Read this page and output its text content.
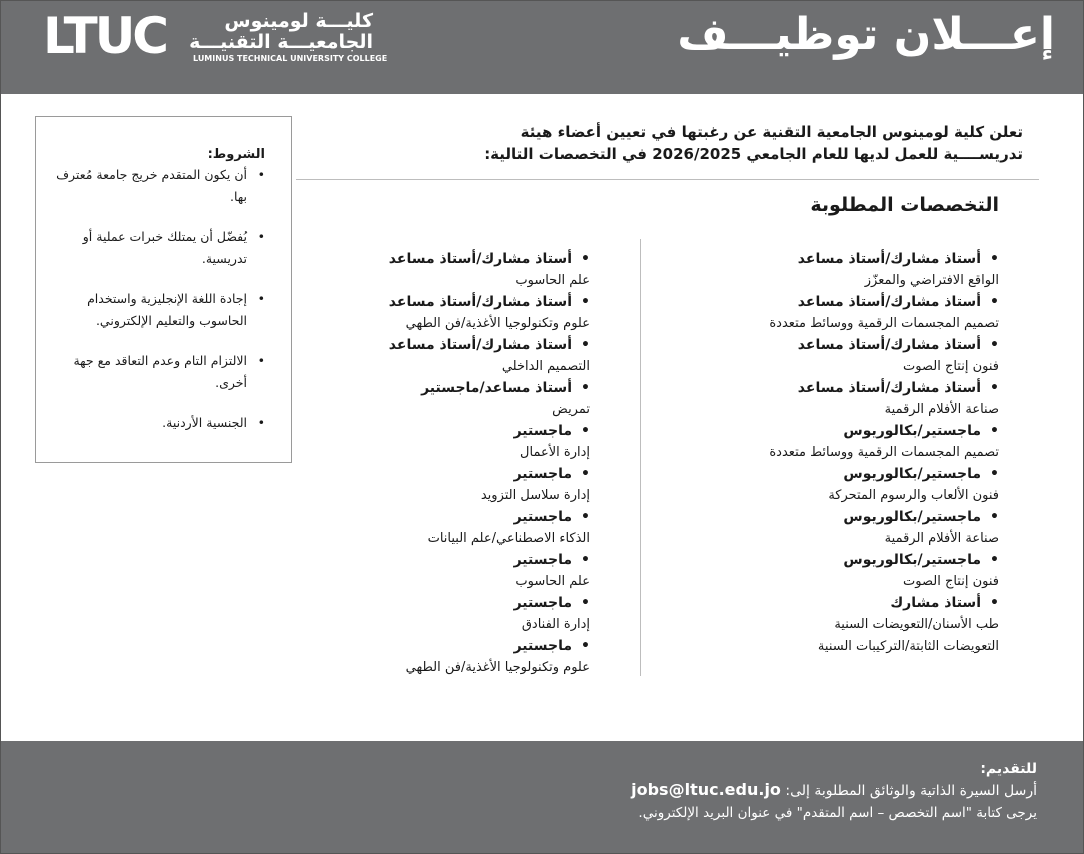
إعـــلان توظيـــف
LTUC	كليـــة لومينوس
الجامعيـــة التقنيـــة
LUMINUS TECHNICAL UNIVERSITY COLLEGE
تعلن كلية لومينوس الجامعية التقنية عن رغبتها في تعيين أعضاء هيئة
تدريســــية للعمل لديها للعام الجامعي 2026/2025 في التخصصات التالية:
التخصصات المطلوبة
•أستاذ مشارك/أستاذ مساعد
الواقع الافتراضي والمعزّز
•أستاذ مشارك/أستاذ مساعد
تصميم المجسمات الرقمية ووسائط متعددة
•أستاذ مشارك/أستاذ مساعد
فنون إنتاج الصوت
•أستاذ مشارك/أستاذ مساعد
صناعة الأفلام الرقمية
•ماجستير/بكالوريوس
تصميم المجسمات الرقمية ووسائط متعددة
•ماجستير/بكالوريوس
فنون الألعاب والرسوم المتحركة
•ماجستير/بكالوريوس
صناعة الأفلام الرقمية
•ماجستير/بكالوريوس
فنون إنتاج الصوت
•أستاذ مشارك
طب الأسنان/التعويضات السنية
التعويضات الثابتة/التركيبات السنية
•أستاذ مشارك/أستاذ مساعد
علم الحاسوب
•أستاذ مشارك/أستاذ مساعد
علوم وتكنولوجيا الأغذية/فن الطهي
•أستاذ مشارك/أستاذ مساعد
التصميم الداخلي
•أستاذ مساعد/ماجستير
تمريض
•ماجستير
إدارة الأعمال
•ماجستير
إدارة سلاسل التزويد
•ماجستير
الذكاء الاصطناعي/علم البيانات
•ماجستير
علم الحاسوب
•ماجستير
إدارة الفنادق
•ماجستير
علوم وتكنولوجيا الأغذية/فن الطهي
الشروط:
•
أن يكون المتقدم خريج جامعة مُعترف بها.
•
يُفضّل أن يمتلك خبرات عملية أو تدريسية.
•
إجادة اللغة الإنجليزية واستخدام الحاسوب والتعليم الإلكتروني.
•
الالتزام التام وعدم التعاقد مع جهة أخرى.
•
الجنسية الأردنية.
للتقديم:
أرسل السيرة الذاتية والوثائق المطلوبة إلى: jobs@ltuc.edu.jo
يرجى كتابة "اسم التخصص – اسم المتقدم" في عنوان البريد الإلكتروني.
